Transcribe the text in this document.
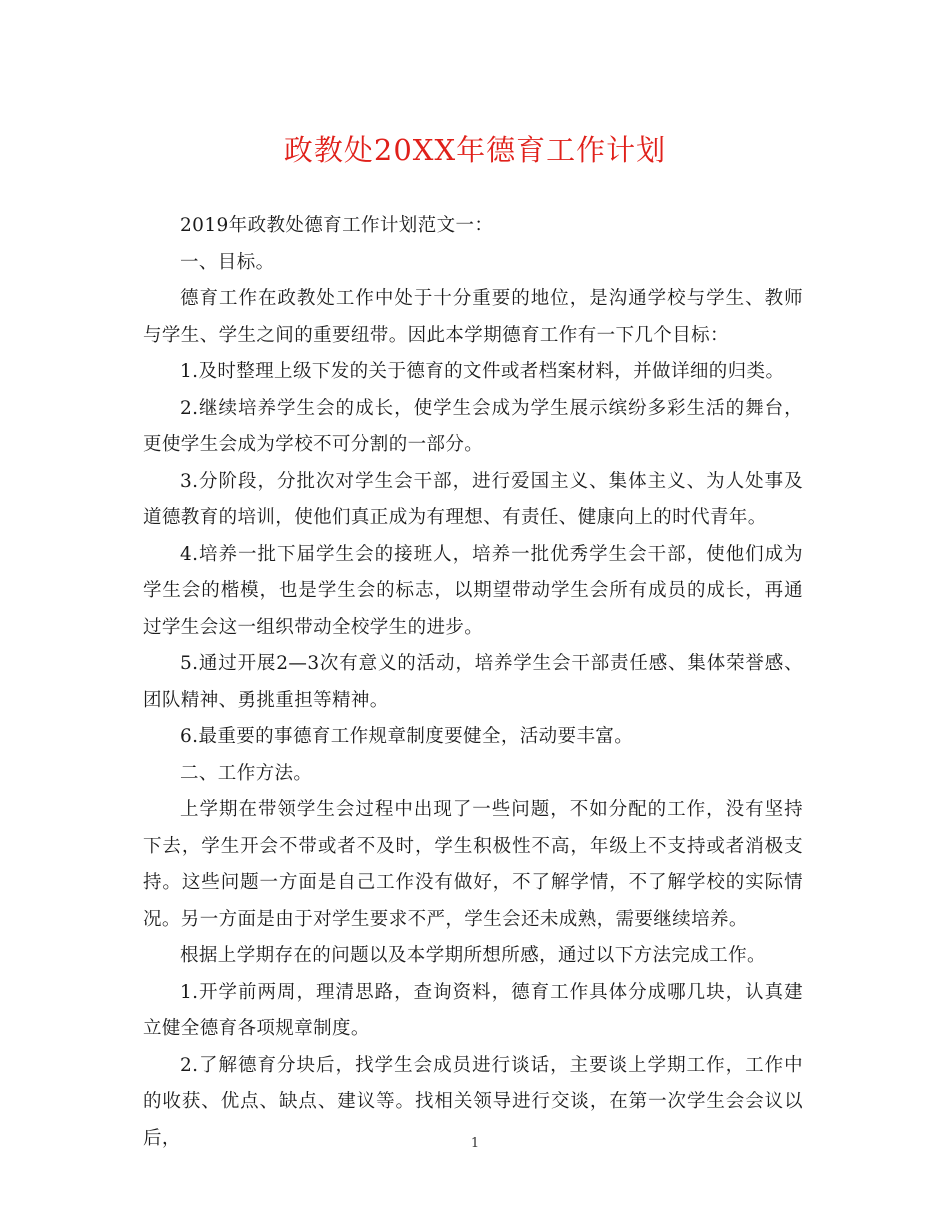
政教处20XX年德育工作计划

2019年政教处德育工作计划范文一：

一、目标。

德育工作在政教处工作中处于十分重要的地位，是沟通学校与学生、教师与学生、学生之间的重要纽带。因此本学期德育工作有一下几个目标：

1.及时整理上级下发的关于德育的文件或者档案材料，并做详细的归类。

2.继续培养学生会的成长，使学生会成为学生展示缤纷多彩生活的舞台，更使学生会成为学校不可分割的一部分。

3.分阶段，分批次对学生会干部，进行爱国主义、集体主义、为人处事及道德教育的培训，使他们真正成为有理想、有责任、健康向上的时代青年。

4.培养一批下届学生会的接班人，培养一批优秀学生会干部，使他们成为学生会的楷模，也是学生会的标志，以期望带动学生会所有成员的成长，再通过学生会这一组织带动全校学生的进步。

5.通过开展2—3次有意义的活动，培养学生会干部责任感、集体荣誉感、团队精神、勇挑重担等精神。

6.最重要的事德育工作规章制度要健全，活动要丰富。

二、工作方法。

上学期在带领学生会过程中出现了一些问题，不如分配的工作，没有坚持下去，学生开会不带或者不及时，学生积极性不高，年级上不支持或者消极支持。这些问题一方面是自己工作没有做好，不了解学情，不了解学校的实际情况。另一方面是由于对学生要求不严，学生会还未成熟，需要继续培养。

根据上学期存在的问题以及本学期所想所感，通过以下方法完成工作。

1.开学前两周，理清思路，查询资料，德育工作具体分成哪几块，认真建立健全德育各项规章制度。

2.了解德育分块后，找学生会成员进行谈话，主要谈上学期工作，工作中的收获、优点、缺点、建议等。找相关领导进行交谈，在第一次学生会会议以后，	1
